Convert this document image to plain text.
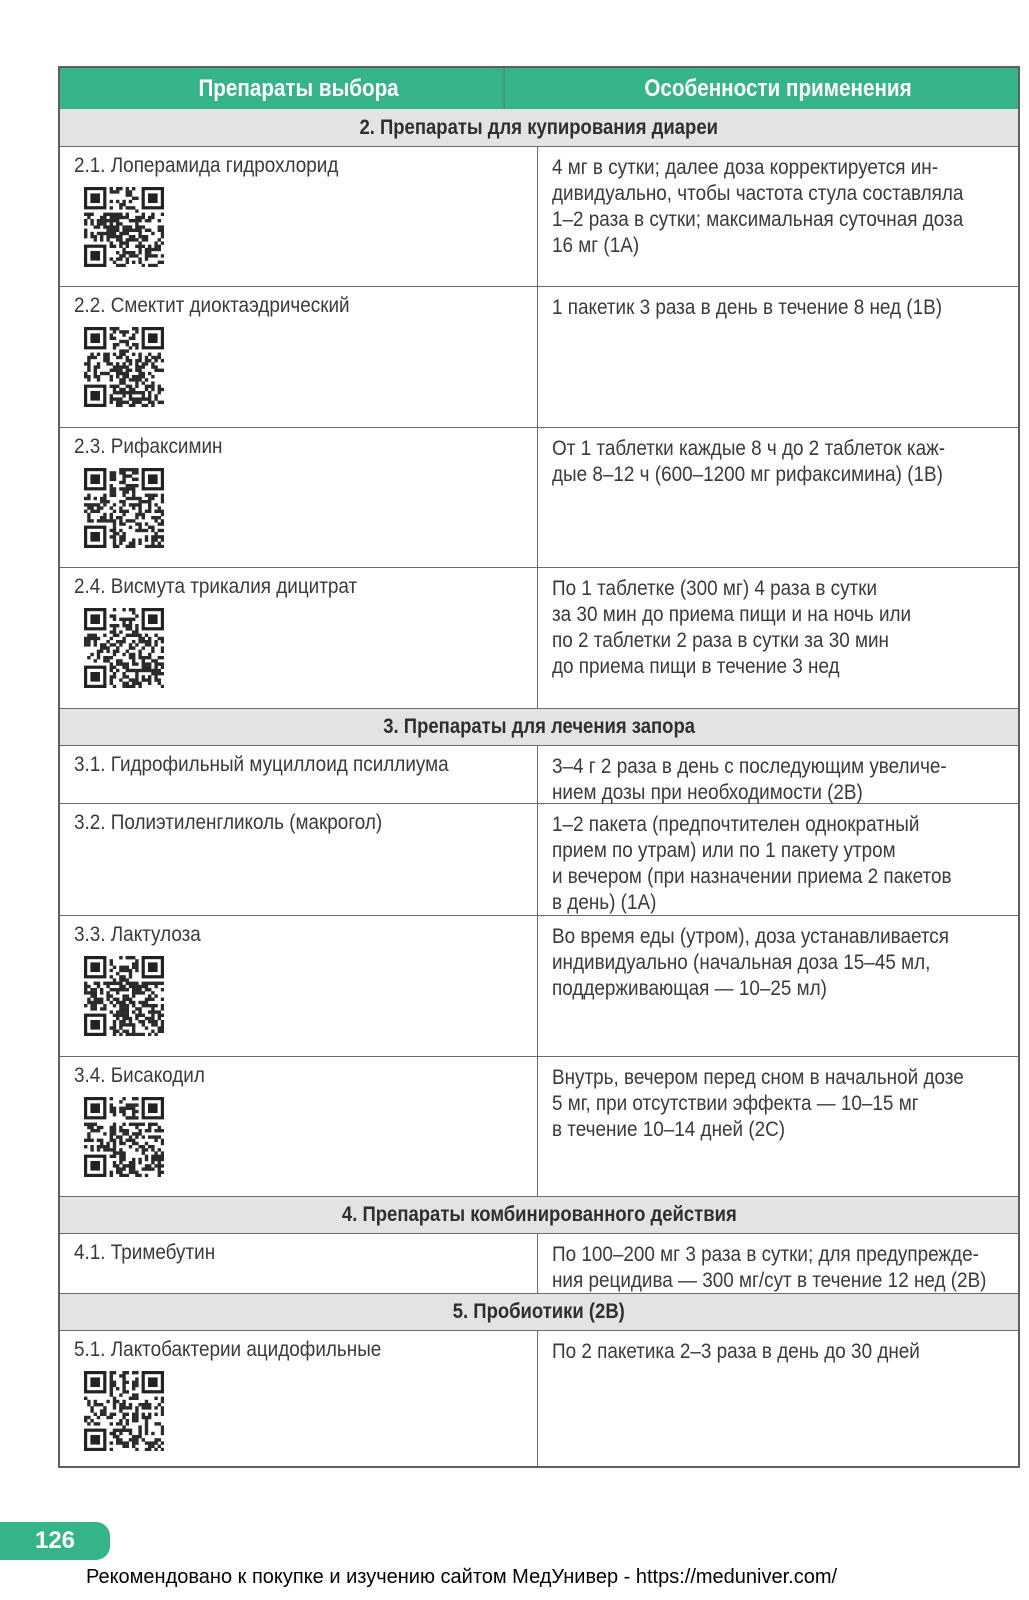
Препараты выбора	Особенности применения
2. Препараты для купирования диареи
2.1. Лоперамида гидрохлорид	4 мг в сутки; далее доза корректируется ин-
дивидуально, чтобы частота стула составляла
1–2 раза в сутки; максимальная суточная доза
16 мг (1А)
2.2. Смектит диоктаэдрический	1 пакетик 3 раза в день в течение 8 нед (1В)
2.3. Рифаксимин	От 1 таблетки каждые 8 ч до 2 таблеток каж-
дые 8–12 ч (600–1200 мг рифаксимина) (1В)
2.4. Висмута трикалия дицитрат	По 1 таблетке (300 мг) 4 раза в сутки
за 30 мин до приема пищи и на ночь или
по 2 таблетки 2 раза в сутки за 30 мин
до приема пищи в течение 3 нед
3. Препараты для лечения запора
3.1. Гидрофильный муциллоид псиллиума	3–4 г 2 раза в день с последующим увеличе-
нием дозы при необходимости (2В)
3.2. Полиэтиленгликоль (макрогол)	1–2 пакета (предпочтителен однократный
прием по утрам) или по 1 пакету утром
и вечером (при назначении приема 2 пакетов
в день) (1А)
3.3. Лактулоза	Во время еды (утром), доза устанавливается
индивидуально (начальная доза 15–45 мл,
поддерживающая — 10–25 мл)
3.4. Бисакодил	Внутрь, вечером перед сном в начальной дозе
5 мг, при отсутствии эффекта — 10–15 мг
в течение 10–14 дней (2С)
4. Препараты комбинированного действия
4.1. Тримебутин	По 100–200 мг 3 раза в сутки; для предупрежде-
ния рецидива — 300 мг/сут в течение 12 нед (2В)
5. Пробиотики (2В)
5.1. Лактобактерии ацидофильные	По 2 пакетика 2–3 раза в день до 30 дней
126
Рекомендовано к покупке и изучению сайтом МедУнивер - https://meduniver.com/
